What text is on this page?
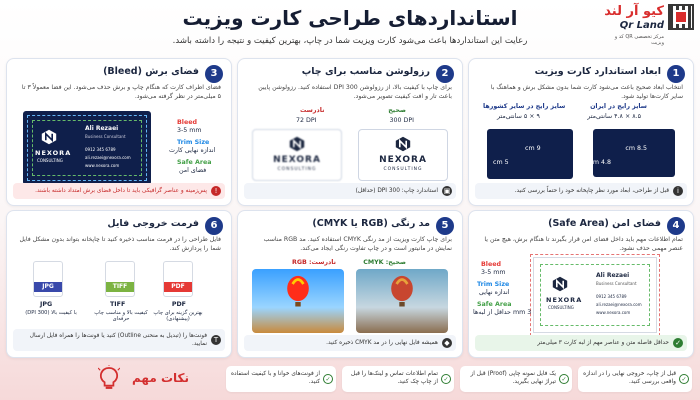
استانداردهای طراحی کارت ویزیت
رعایت این استانداردها باعث می‌شود کارت ویزیت شما در چاپ، بهترین کیفیت و نتیجه را داشته باشد.
کیو آر لند
Qr Land
مرکز تخصصی QR کد و ویزیت
1
ابعاد استاندارد کارت ویزیت
انتخاب ابعاد صحیح باعث می‌شود کارت شما بدون مشکل برش و هماهنگ با سایر کارت‌ها تولید شود.
سایز رایج در ایران
۸.۵ × ۴.۸ سانتی‌متر
سایز رایج در سایر کشورها
۹ × ۵ سانتی‌متر
8.5 cm
4.8 cm
9 cm
5 cm
i
قبل از طراحی، ابعاد مورد نظر چاپخانه خود را حتماً بررسی کنید.
2
رزولوشن مناسب برای چاپ
برای چاپ با کیفیت بالا، از رزولوشن 300 DPI استفاده کنید. رزولوشن پایین باعث تار و افت کیفیت تصویر می‌شود.
صحیح
300 DPI
نادرست
72 DPI
NEXORA
CONSULTING
NEXORA
CONSULTING
▣
استاندارد چاپ: 300 DPI (حداقل)
3
فضای برش (Bleed)
فضای اطراف کارت که هنگام چاپ و برش حذف می‌شود. این فضا معمولاً ۳ تا ۵ میلی‌متر در نظر گرفته می‌شود.
NEXORA
CONSULTING
Ali Rezaei
Business Consultant
0912 345 6789
ali.rezaei@nexora.com
www.nexora.com
Bleed
3-5 mm
Trim Size
اندازه نهایی کارت
Safe Area
فضای امن
!
پس‌زمینه و عناصر گرافیکی باید تا داخل فضای برش امتداد داشته باشند.
4
فضای امن (Safe Area)
تمام اطلاعات مهم باید داخل فضای امن قرار بگیرند تا هنگام برش، هیچ متن یا عنصر مهمی حذف نشود.
NEXORA
CONSULTING
Ali Rezaei
Business Consultant
0912 345 6789
ali.rezaei@nexora.com
www.nexora.com
Bleed
3-5 mm
Trim Size
اندازه نهایی
Safe Area
3 mm حداقل از لبه‌ها
✓
حداقل فاصله متن و عناصر مهم از لبه کارت ۳ میلی‌متر
5
مد رنگی (RGB یا CMYK)
برای چاپ کارت ویزیت از مد رنگی CMYK استفاده کنید. مد RGB مناسب نمایش در مانیتور است و در چاپ تفاوت رنگی ایجاد می‌کند.
صحیح: CMYK
نادرست: RGB
◆
همیشه فایل نهایی را در مد CMYK ذخیره کنید.
6
فرمت خروجی فایل
فایل طراحی را در فرمت مناسب ذخیره کنید تا چاپخانه بتواند بدون مشکل فایل شما را پردازش کند.
PDF
PDF
بهترین گزینه برای چاپ (پیشنهادی)
TIFF
TIFF
کیفیت بالا و مناسب چاپ حرفه‌ای
JPG
JPG
با کیفیت بالا (300 DPI)
T
فونت‌ها را (تبدیل به منحنی Outline) کنید یا فونت‌ها را همراه فایل ارسال نمایید.
نکات مهم	✓
از فونت‌های خوانا و با کیفیت استفاده کنید.	✓
تمام اطلاعات تماس و لینک‌ها را قبل از چاپ چک کنید.	✓
یک فایل نمونه چاپی (Proof) قبل از تیراژ نهایی بگیرید.	✓
قبل از چاپ، خروجی نهایی را در اندازه واقعی بررسی کنید.
